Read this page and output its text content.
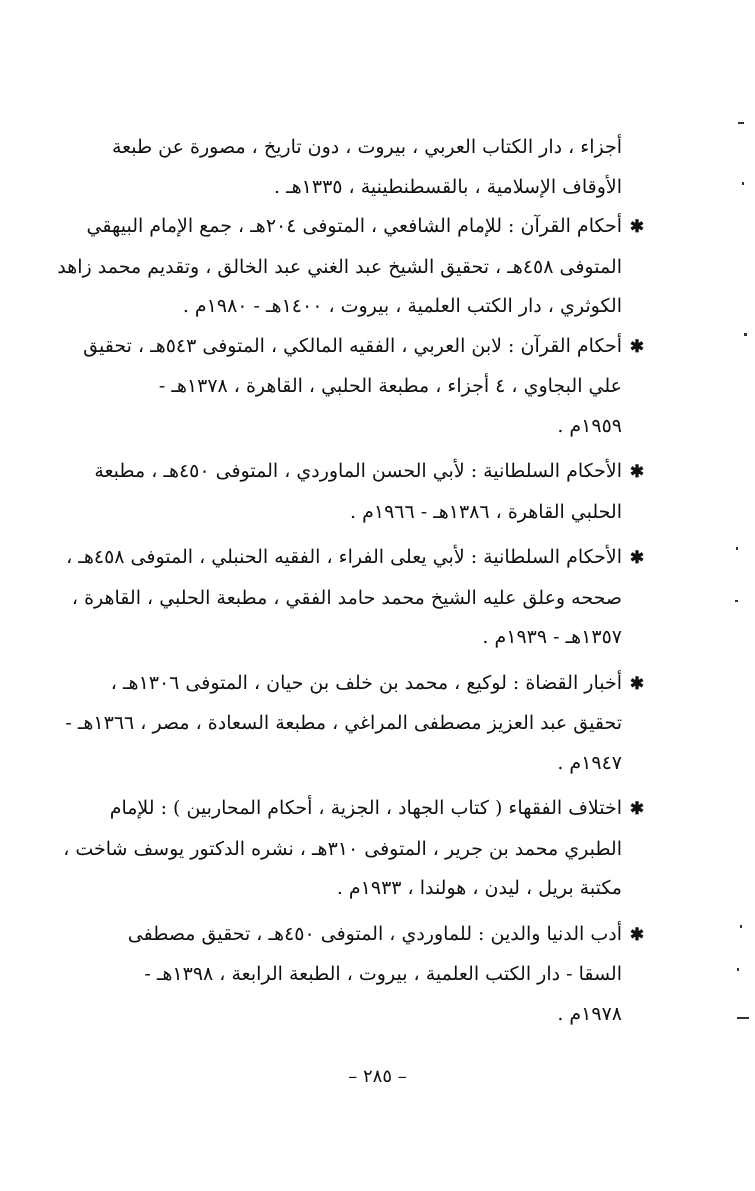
أجزاء ، دار الكتاب العربي ، بيروت ، دون تاريخ ، مصورة عن طبعة
الأوقاف الإسلامية ، بالقسطنطينية ، ١٣٣٥هـ .
✱أحكام القرآن : للإمام الشافعي ، المتوفى ٢٠٤هـ ، جمع الإمام البيهقي
المتوفى ٤٥٨هـ ، تحقيق الشيخ عبد الغني عبد الخالق ، وتقديم محمد زاهد
الكوثري ، دار الكتب العلمية ، بيروت ، ١٤٠٠هـ - ١٩٨٠م .
✱أحكام القرآن : لابن العربي ، الفقيه المالكي ، المتوفى ٥٤٣هـ ، تحقيق
علي البجاوي ، ٤ أجزاء ، مطبعة الحلبي ، القاهرة ، ١٣٧٨هـ -
١٩٥٩م .
✱الأحكام السلطانية : لأبي الحسن الماوردي ، المتوفى ٤٥٠هـ ، مطبعة
الحلبي القاهرة ، ١٣٨٦هـ - ١٩٦٦م .
✱الأحكام السلطانية : لأبي يعلى الفراء ، الفقيه الحنبلي ، المتوفى ٤٥٨هـ ،
صححه وعلق عليه الشيخ محمد حامد الفقي ، مطبعة الحلبي ، القاهرة ،
١٣٥٧هـ - ١٩٣٩م .
✱أخبار القضاة : لوكيع ، محمد بن خلف بن حيان ، المتوفى ١٣٠٦هـ ،
تحقيق عبد العزيز مصطفى المراغي ، مطبعة السعادة ، مصر ، ١٣٦٦هـ -
١٩٤٧م .
✱اختلاف الفقهاء ( كتاب الجهاد ، الجزية ، أحكام المحاربين ) : للإمام
الطبري محمد بن جرير ، المتوفى ٣١٠هـ ، نشره الدكتور يوسف شاخت ،
مكتبة بريل ، ليدن ، هولندا ، ١٩٣٣م .
✱أدب الدنيا والدين : للماوردي ، المتوفى ٤٥٠هـ ، تحقيق مصطفى
السقا - دار الكتب العلمية ، بيروت ، الطبعة الرابعة ، ١٣٩٨هـ -
١٩٧٨م .
– ٢٨٥ –
